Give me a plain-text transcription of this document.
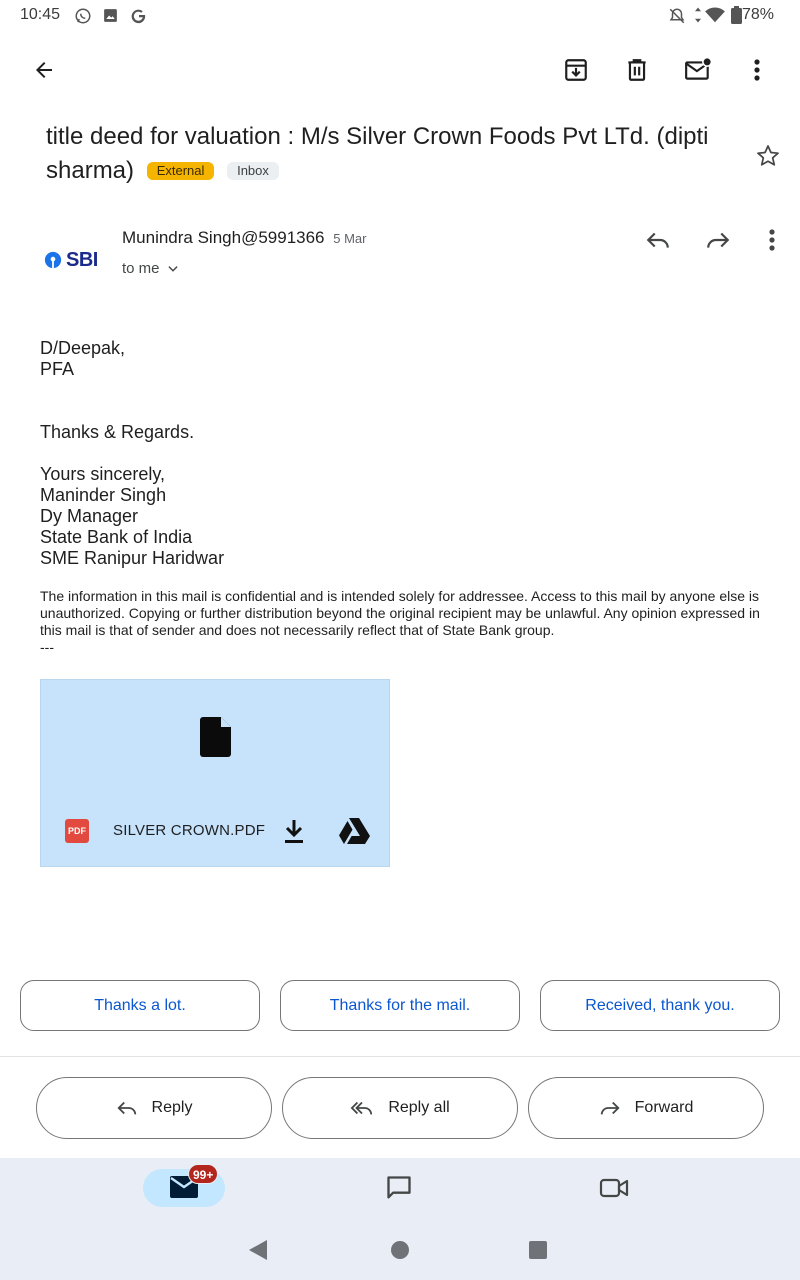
10:45	78%
title deed for valuation : M/s Silver Crown Foods Pvt LTd. (dipti sharma) External	Inbox
SBI
Munindra Singh@5991366 5 Mar
to me

D/Deepak,

PFA

Thanks & Regards.

Yours sincerely,

Maninder Singh

Dy Manager

State Bank of India

SME Ranipur Haridwar

The information in this mail is confidential and is intended solely for addressee. Access to this mail by anyone else is unauthorized. Copying or further distribution beyond the original recipient may be unlawful. Any opinion expressed in this mail is that of sender and does not necessarily reflect that of State Bank group.
---
PDF SILVER CROWN.PDF
Thanks a lot.	Thanks for the mail.	Received, thank you.
Reply	Reply all	Forward
99+
